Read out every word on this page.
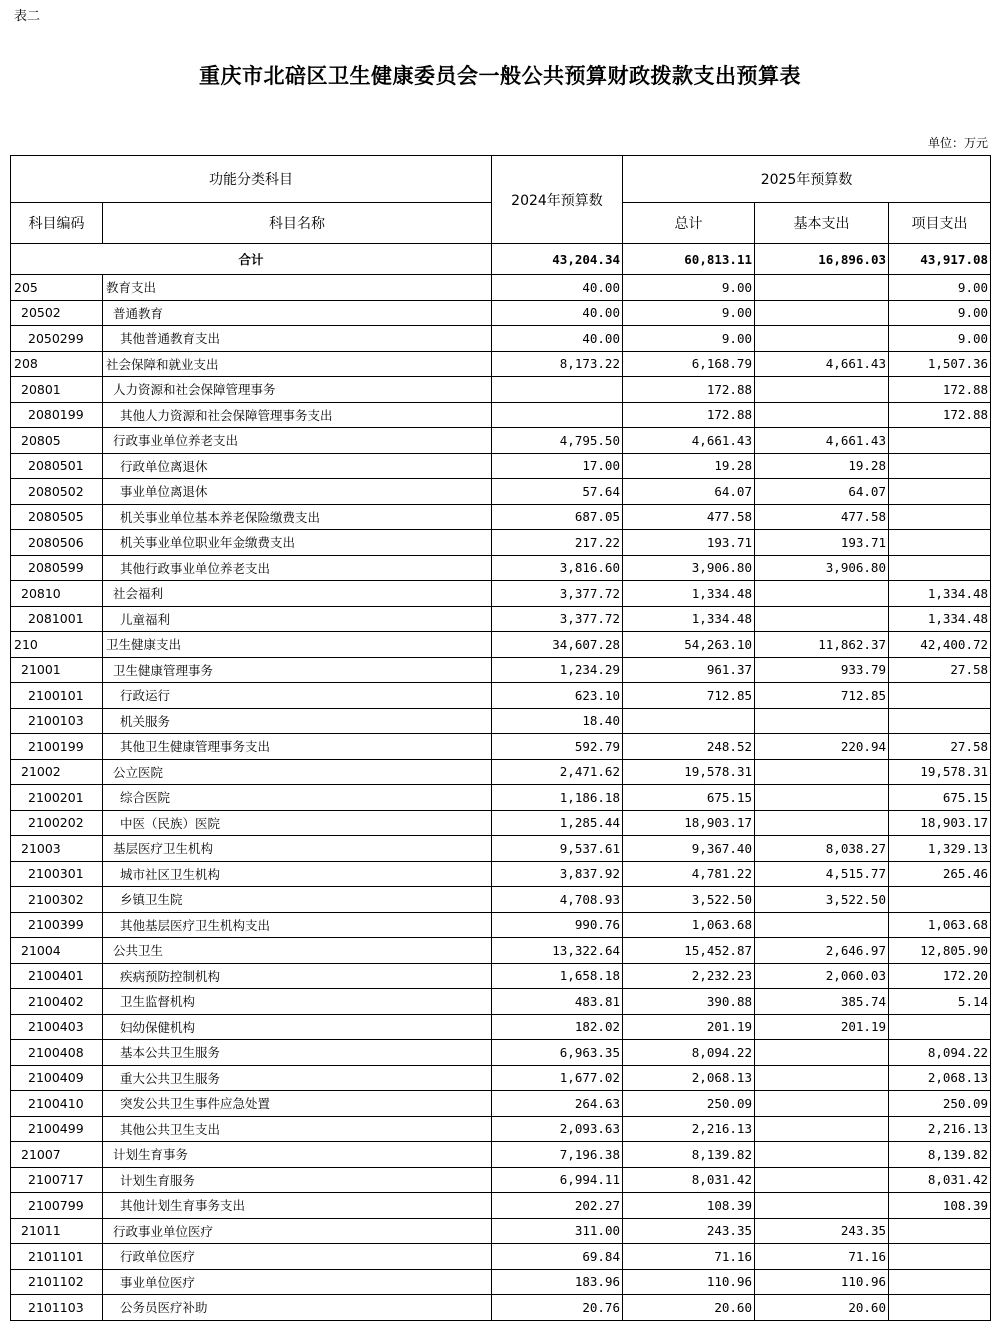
表二
重庆市北碚区卫生健康委员会一般公共预算财政拨款支出预算表
单位：万元
功能分类科目		2024年预算数	2025年预算数		
科目编码	科目名称		总计	基本支出	项目支出
合计		43,204.34	60,813.11	16,896.03	43,917.08
205	教育支出	40.00	9.00		9.00
20502	普通教育	40.00	9.00		9.00
2050299	其他普通教育支出	40.00	9.00		9.00
208	社会保障和就业支出	8,173.22	6,168.79	4,661.43	1,507.36
20801	人力资源和社会保障管理事务		172.88		172.88
2080199	其他人力资源和社会保障管理事务支出		172.88		172.88
20805	行政事业单位养老支出	4,795.50	4,661.43	4,661.43	
2080501	行政单位离退休	17.00	19.28	19.28	
2080502	事业单位离退休	57.64	64.07	64.07	
2080505	机关事业单位基本养老保险缴费支出	687.05	477.58	477.58	
2080506	机关事业单位职业年金缴费支出	217.22	193.71	193.71	
2080599	其他行政事业单位养老支出	3,816.60	3,906.80	3,906.80	
20810	社会福利	3,377.72	1,334.48		1,334.48
2081001	儿童福利	3,377.72	1,334.48		1,334.48
210	卫生健康支出	34,607.28	54,263.10	11,862.37	42,400.72
21001	卫生健康管理事务	1,234.29	961.37	933.79	27.58
2100101	行政运行	623.10	712.85	712.85	
2100103	机关服务	18.40			
2100199	其他卫生健康管理事务支出	592.79	248.52	220.94	27.58
21002	公立医院	2,471.62	19,578.31		19,578.31
2100201	综合医院	1,186.18	675.15		675.15
2100202	中医（民族）医院	1,285.44	18,903.17		18,903.17
21003	基层医疗卫生机构	9,537.61	9,367.40	8,038.27	1,329.13
2100301	城市社区卫生机构	3,837.92	4,781.22	4,515.77	265.46
2100302	乡镇卫生院	4,708.93	3,522.50	3,522.50	
2100399	其他基层医疗卫生机构支出	990.76	1,063.68		1,063.68
21004	公共卫生	13,322.64	15,452.87	2,646.97	12,805.90
2100401	疾病预防控制机构	1,658.18	2,232.23	2,060.03	172.20
2100402	卫生监督机构	483.81	390.88	385.74	5.14
2100403	妇幼保健机构	182.02	201.19	201.19	
2100408	基本公共卫生服务	6,963.35	8,094.22		8,094.22
2100409	重大公共卫生服务	1,677.02	2,068.13		2,068.13
2100410	突发公共卫生事件应急处置	264.63	250.09		250.09
2100499	其他公共卫生支出	2,093.63	2,216.13		2,216.13
21007	计划生育事务	7,196.38	8,139.82		8,139.82
2100717	计划生育服务	6,994.11	8,031.42		8,031.42
2100799	其他计划生育事务支出	202.27	108.39		108.39
21011	行政事业单位医疗	311.00	243.35	243.35	
2101101	行政单位医疗	69.84	71.16	71.16	
2101102	事业单位医疗	183.96	110.96	110.96	
2101103	公务员医疗补助	20.76	20.60	20.60	
